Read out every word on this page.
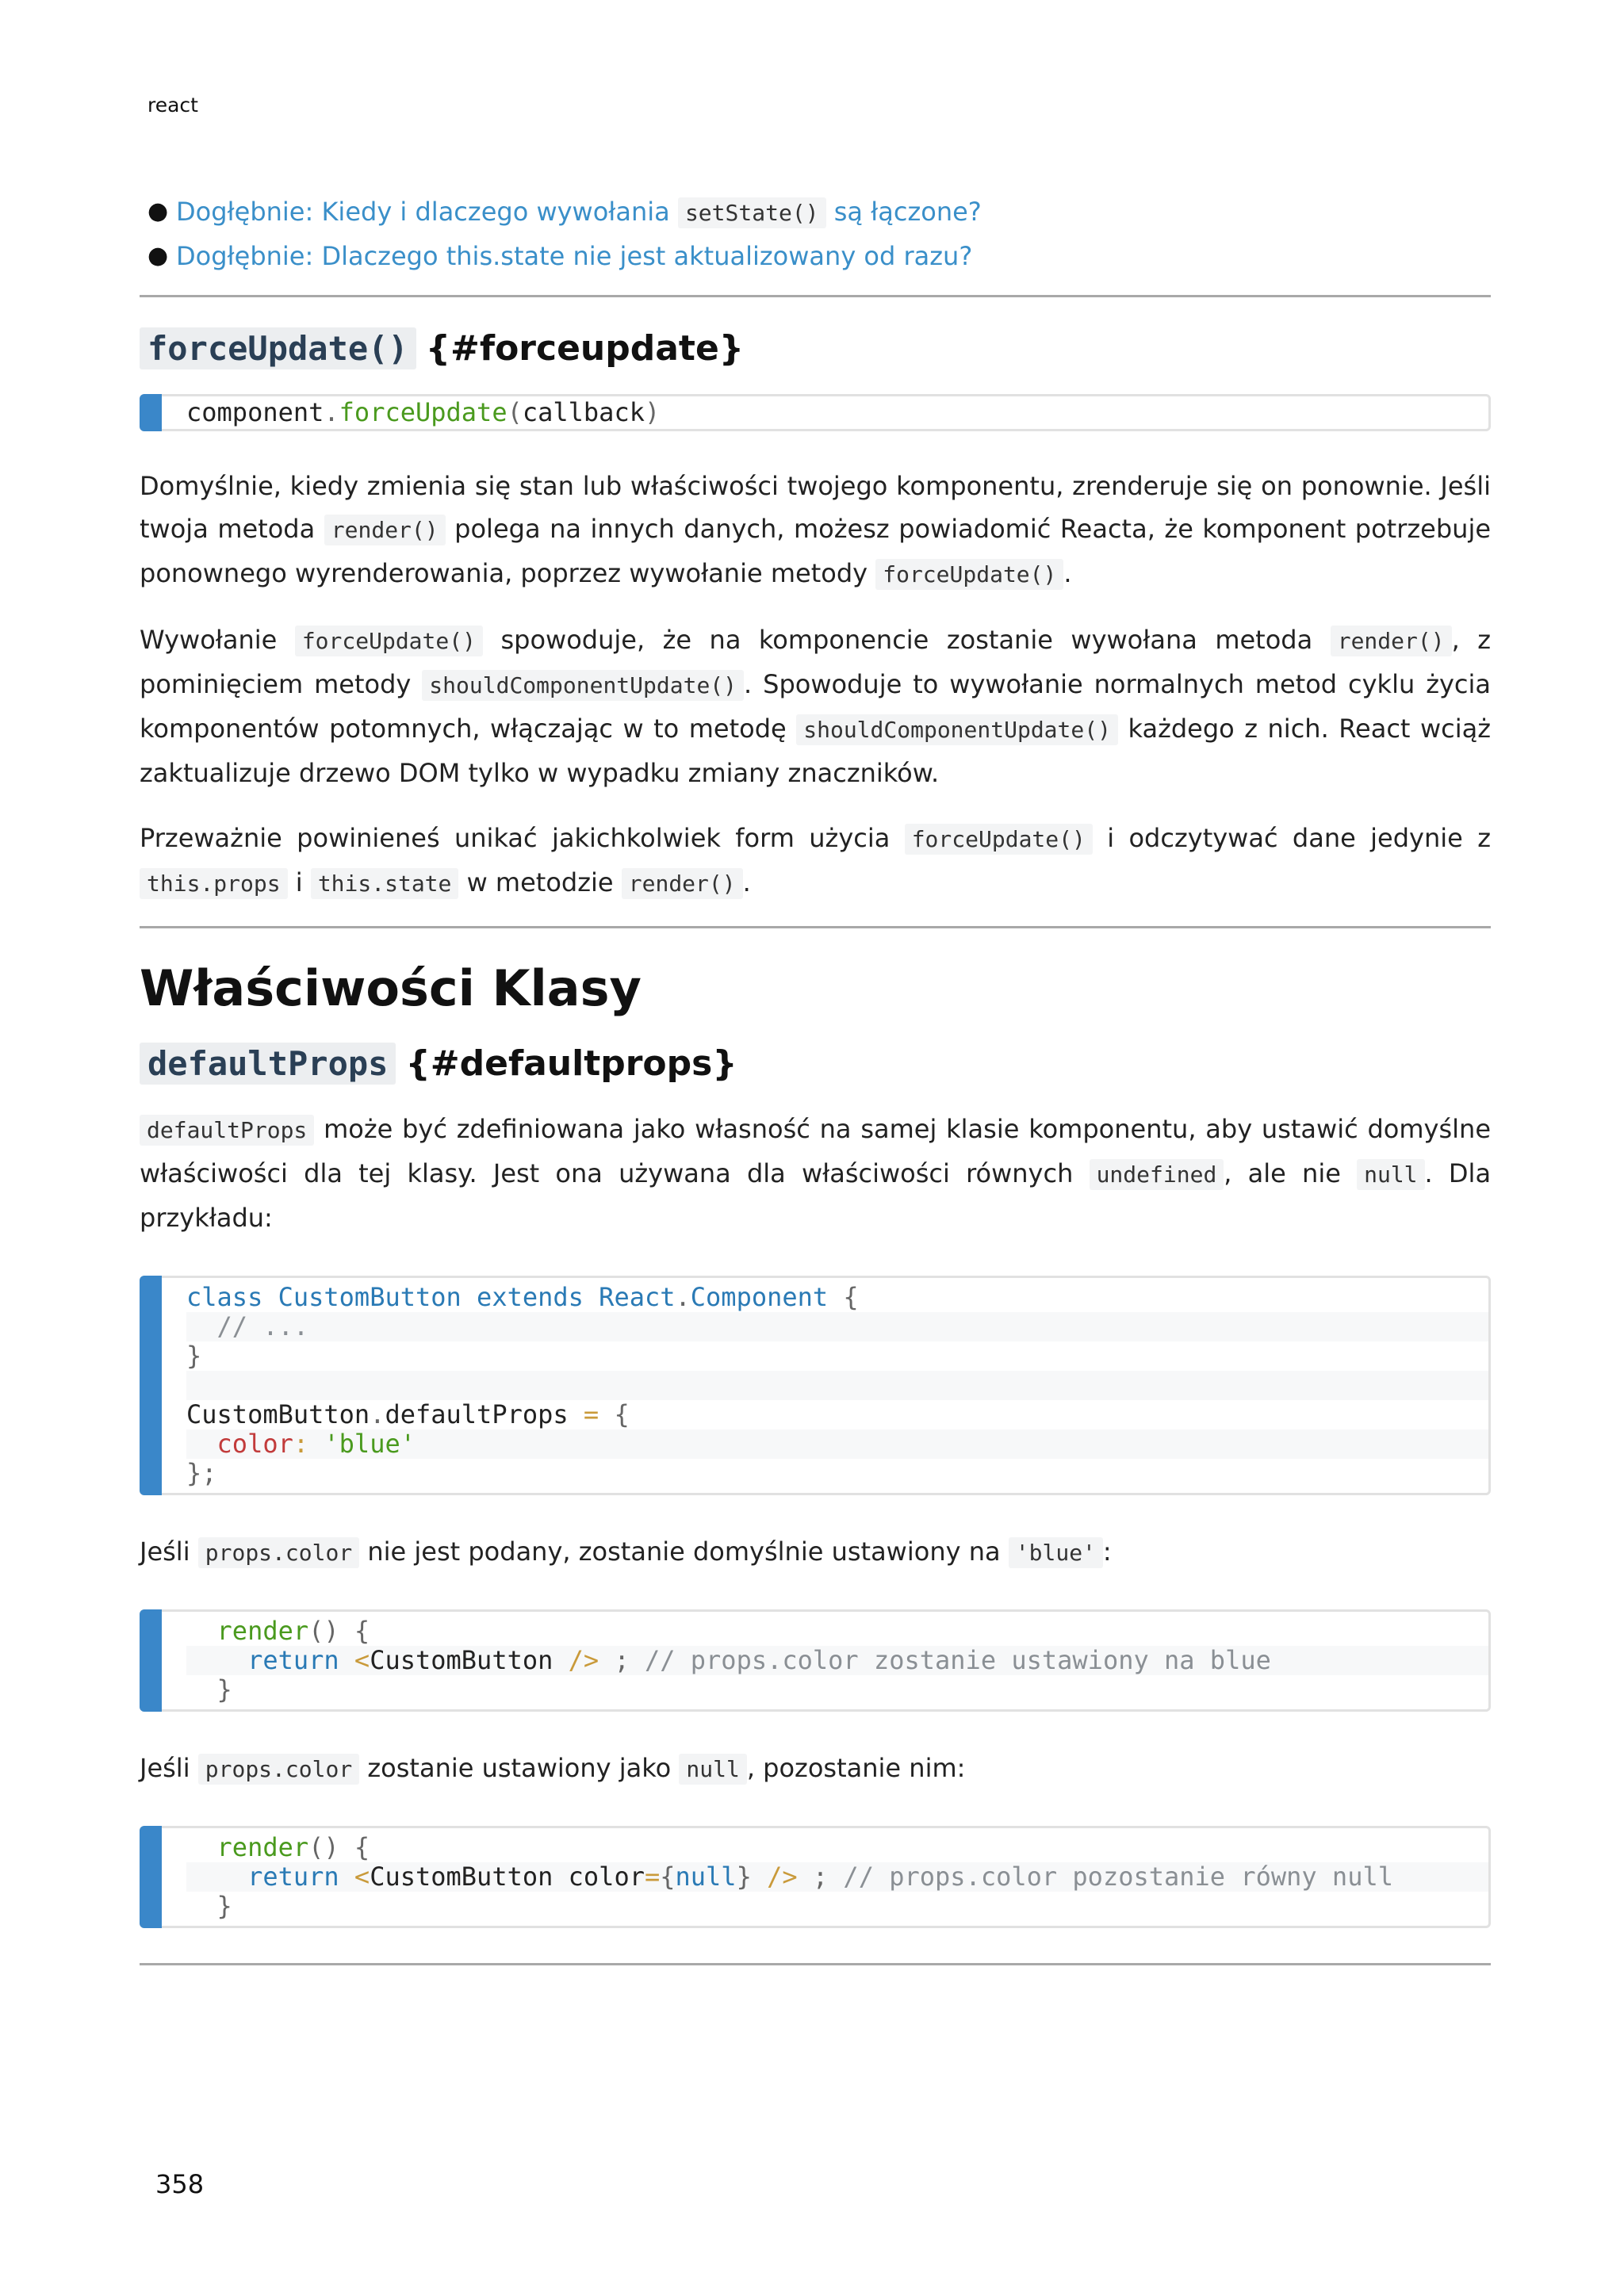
react
● Dogłębnie: Kiedy i dlaczego wywołania setState() są łączone?
● Dogłębnie: Dlaczego this.state nie jest aktualizowany od razu?
forceUpdate() {#forceupdate}
component.forceUpdate(callback)

Domyślnie, kiedy zmienia się stan lub właściwości twojego komponentu, zrenderuje się on ponownie. Jeśli twoja metoda render() polega na innych danych, możesz powiadomić Reacta, że komponent potrzebuje ponownego wyrenderowania, poprzez wywołanie metody forceUpdate() .

Wywołanie forceUpdate() spowoduje, że na komponencie zostanie wywołana metoda render() , z pominięciem metody shouldComponentUpdate() . Spowoduje to wywołanie normalnych metod cyklu życia komponentów potomnych, włączając w to metodę shouldComponentUpdate() każdego z nich. React wciąż zaktualizuje drzewo DOM tylko w wypadku zmiany znaczników.

Przeważnie powinieneś unikać jakichkolwiek form użycia forceUpdate() i odczytywać dane jedynie z this.props i this.state w metodzie render() .

Właściwości Klasy
defaultProps {#defaultprops}

defaultProps może być zdefiniowana jako własność na samej klasie komponentu, aby ustawić domyślne właściwości dla tej klasy. Jest ona używana dla właściwości równych undefined , ale nie null . Dla przykładu:

class CustomButton extends React.Component {
// ...
}

CustomButton.defaultProps = {
color: 'blue'
};

Jeśli props.color nie jest podany, zostanie domyślnie ustawiony na 'blue' :

render() {
return <CustomButton /> ; // props.color zostanie ustawiony na blue
}

Jeśli props.color zostanie ustawiony jako null , pozostanie nim:

render() {
return <CustomButton color={null} /> ; // props.color pozostanie równy null
}
358
